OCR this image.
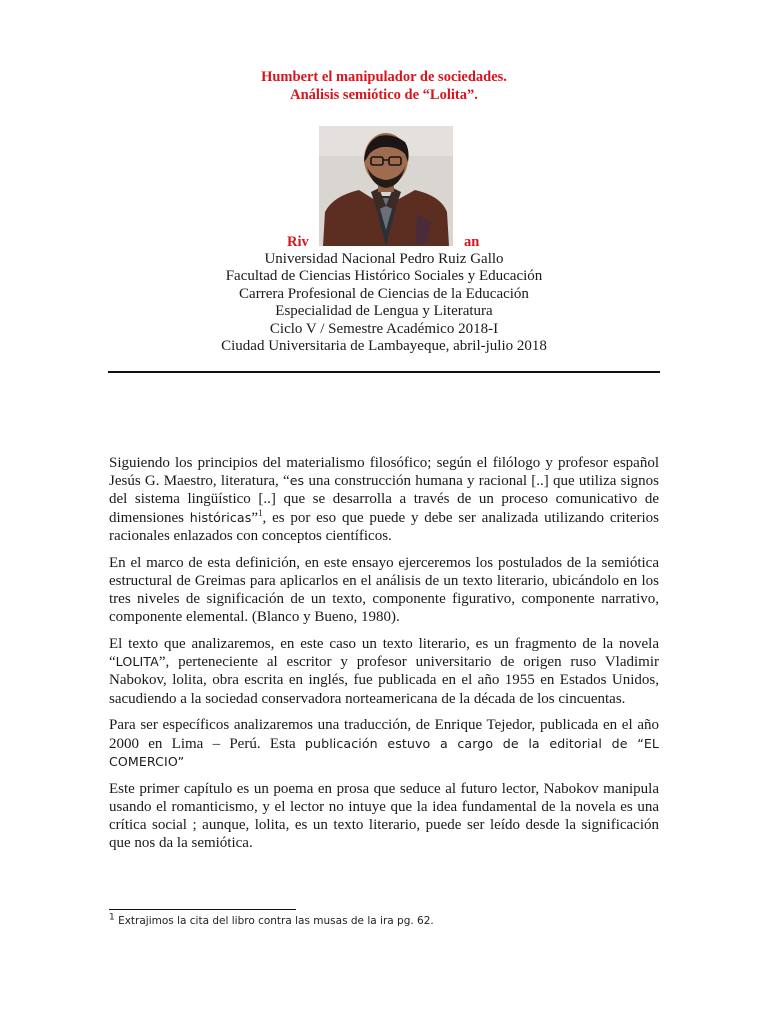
Humbert el manipulador de sociedades.
Análisis semiótico de “Lolita”.
Riv	an
Universidad Nacional Pedro Ruiz Gallo
Facultad de Ciencias Histórico Sociales y Educación
Carrera Profesional de Ciencias de la Educación
Especialidad de Lengua y Literatura
Ciclo V / Semestre Académico 2018-I
Ciudad Universitaria de Lambayeque, abril-julio 2018

Siguiendo los principios del materialismo filosófico; según el filólogo y profesor español Jesús G. Maestro, literatura, “es una construcción humana y racional [..] que utiliza signos del sistema lingüístico [..] que se desarrolla a través de un proceso comunicativo de dimensiones históricas”$^1$, es por eso que puede y debe ser analizada utilizando criterios racionales enlazados con conceptos científicos.

En el marco de esta definición, en este ensayo ejerceremos los postulados de la semiótica estructural de Greimas para aplicarlos en el análisis de un texto literario, ubicándolo en los tres niveles de significación de un texto, componente figurativo, componente narrativo, componente elemental. (Blanco y Bueno, 1980).

El texto que analizaremos, en este caso un texto literario, es un fragmento de la novela “LOLITA”, perteneciente al escritor y profesor universitario de origen ruso Vladimir Nabokov, lolita, obra escrita en inglés, fue publicada en el año 1955 en Estados Unidos, sacudiendo a la sociedad conservadora norteamericana de la década de los cincuentas.

Para ser específicos analizaremos una traducción, de Enrique Tejedor, publicada en el año 2000 en Lima – Perú. Esta publicación estuvo a cargo de la editorial de “EL COMERCIO”

Este primer capítulo es un poema en prosa que seduce al futuro lector, Nabokov manipula usando el romanticismo, y el lector no intuye que la idea fundamental de la novela es una crítica social ; aunque, lolita, es un texto literario, puede ser leído desde la significación que nos da la semiótica.

$^1$ Extrajimos la cita del libro contra las musas de la ira pg. 62.
